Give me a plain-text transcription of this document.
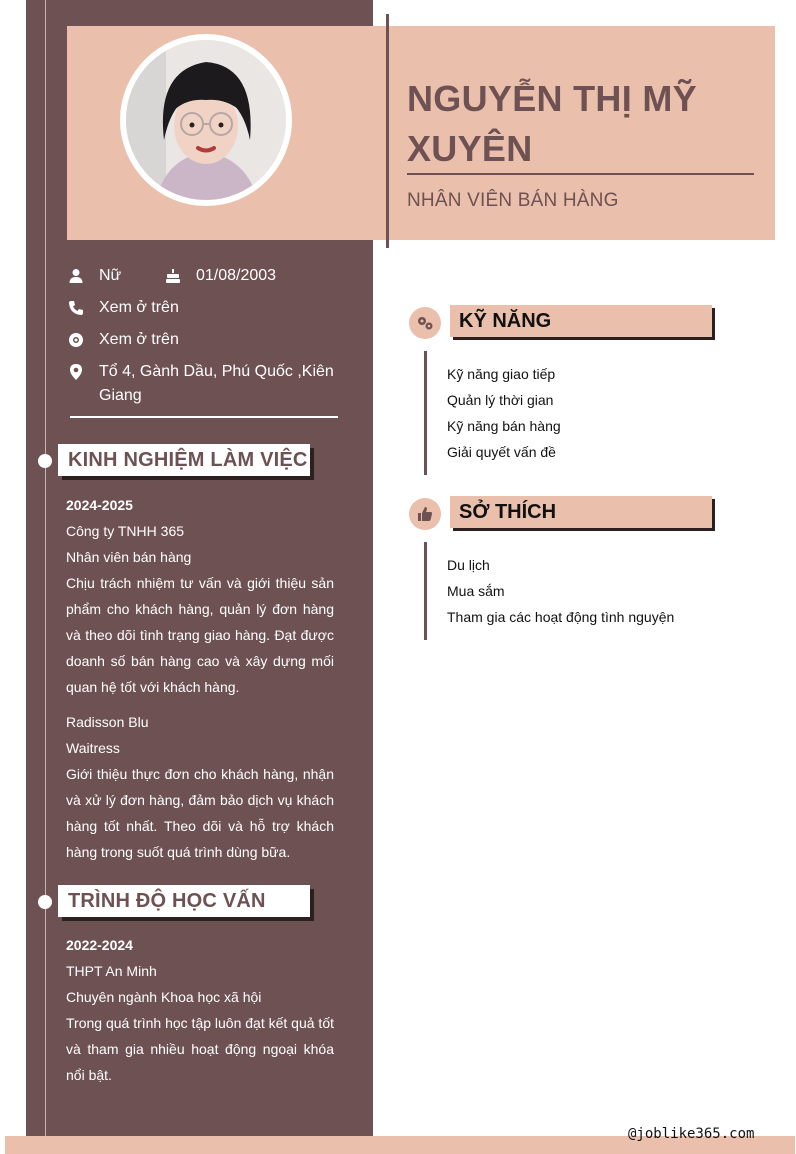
NGUYỄN THỊ MỸ XUYÊN
NHÂN VIÊN BÁN HÀNG
Nữ	01/08/2003
Xem ở trên
Xem ở trên
Tổ 4, Gành Dầu, Phú Quốc ,Kiên Giang
KINH NGHIỆM LÀM VIỆC

2024-2025

Công ty TNHH 365

Nhân viên bán hàng

Chịu trách nhiệm tư vấn và giới thiệu sản phẩm cho khách hàng, quản lý đơn hàng và theo dõi tình trạng giao hàng. Đạt được doanh số bán hàng cao và xây dựng mối quan hệ tốt với khách hàng.

Radisson Blu

Waitress

Giới thiệu thực đơn cho khách hàng, nhận và xử lý đơn hàng, đảm bảo dịch vụ khách hàng tốt nhất. Theo dõi và hỗ trợ khách hàng trong suốt quá trình dùng bữa.

TRÌNH ĐỘ HỌC VẤN

2022-2024

THPT An Minh

Chuyên ngành Khoa học xã hội

Trong quá trình học tập luôn đạt kết quả tốt và tham gia nhiều hoạt động ngoại khóa nổi bật.

KỸ NĂNG
Kỹ năng giao tiếp
Quản lý thời gian
Kỹ năng bán hàng
Giải quyết vấn đề
SỞ THÍCH
Du lịch
Mua sắm
Tham gia các hoạt động tình nguyện
@joblike365.com
